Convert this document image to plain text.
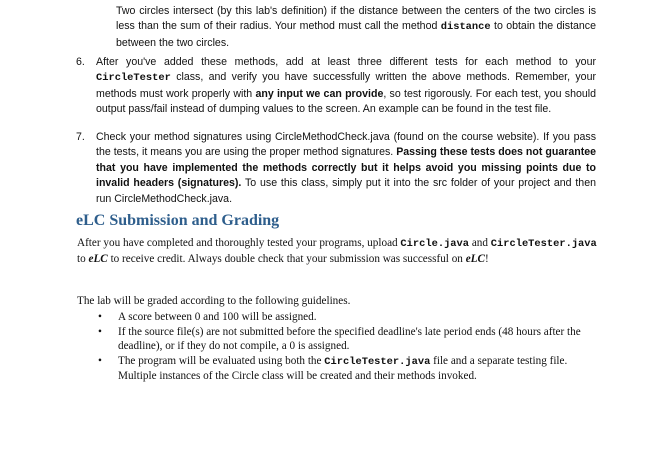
Two circles intersect (by this lab's definition) if the distance between the centers of the two circles is less than the sum of their radius. Your method must call the method distance to obtain the distance between the two circles.

6. After you've added these methods, add at least three different tests for each method to your CircleTester class, and verify you have successfully written the above methods. Remember, your methods must work properly with any input we can provide, so test rigorously. For each test, you should output pass/fail instead of dumping values to the screen. An example can be found in the test file.
7. Check your method signatures using CircleMethodCheck.java (found on the course website). If you pass the tests, it means you are using the proper method signatures. Passing these tests does not guarantee that you have implemented the methods correctly but it helps avoid you missing points due to invalid headers (signatures). To use this class, simply put it into the src folder of your project and then run CircleMethodCheck.java.
eLC Submission and Grading

After you have completed and thoroughly tested your programs, upload Circle.java and CircleTester.java to eLC to receive credit. Always double check that your submission was successful on eLC!

The lab will be graded according to the following guidelines.

• A score between 0 and 100 will be assigned.
• If the source file(s) are not submitted before the specified deadline's late period ends (48 hours after the deadline), or if they do not compile, a 0 is assigned.
• The program will be evaluated using both the CircleTester.java file and a separate testing file. Multiple instances of the Circle class will be created and their methods invoked.
